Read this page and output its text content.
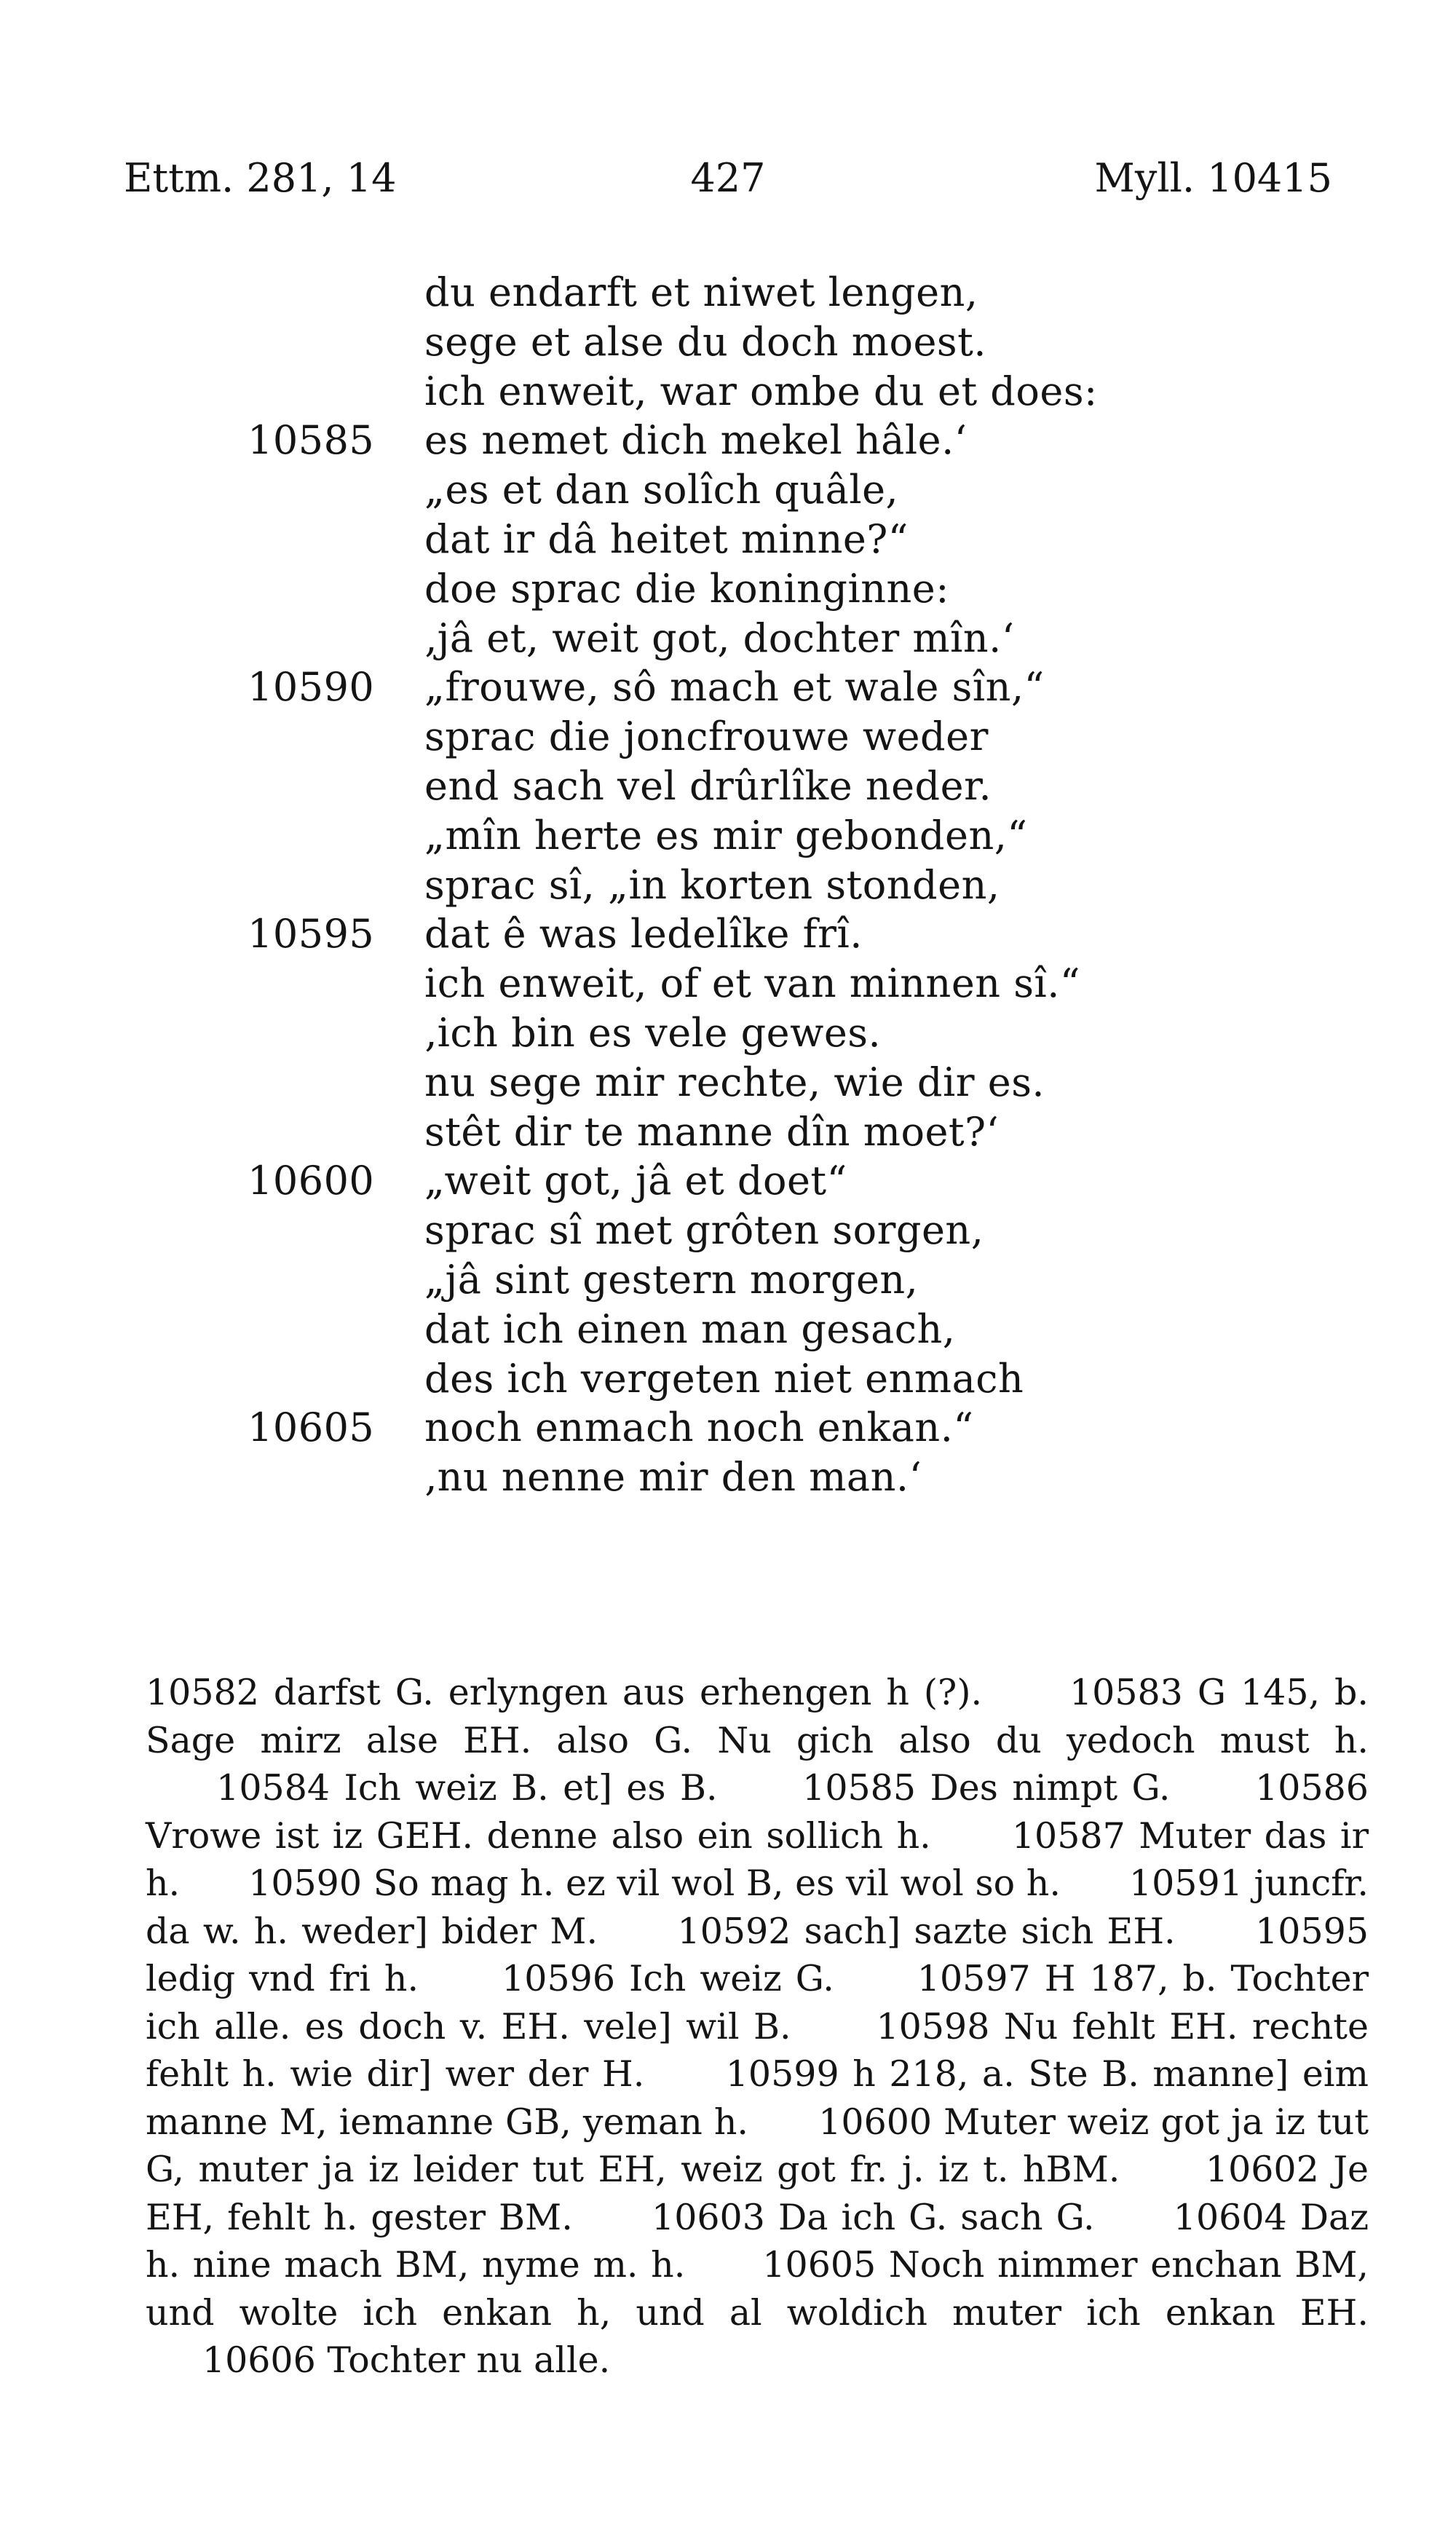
Ettm. 281, 14	427	Myll. 10415
du endarft et niwet lengen,
sege et alse du doch moest.
ich enweit, war ombe du et does:
10585 es nemet dich mekel hâle.‘
„es et dan solîch quâle,
dat ir dâ heitet minne?“
doe sprac die koninginne:
‚jâ et, weit got, dochter mîn.‘
10590 „frouwe, sô mach et wale sîn,“
sprac die joncfrouwe weder
end sach vel drûrlîke neder.
„mîn herte es mir gebonden,“
sprac sî, „in korten stonden,
10595 dat ê was ledelîke frî.
ich enweit, of et van minnen sî.“
‚ich bin es vele gewes.
nu sege mir rechte, wie dir es.
stêt dir te manne dîn moet?‘
10600 „weit got, jâ et doet“
sprac sî met grôten sorgen,
„jâ sint gestern morgen,
dat ich einen man gesach,
des ich vergeten niet enmach
10605 noch enmach noch enkan.“
‚nu nenne mir den man.‘
10582 darfst G. erlyngen aus erhengen h (?). 10583 G 145, b. Sage mirz alse EH. also G. Nu gich also du yedoch must h. 10584 Ich weiz B. et] es B. 10585 Des nimpt G. 10586 Vrowe ist iz GEH. denne also ein sollich h. 10587 Muter das ir h. 10590 So mag h. ez vil wol B, es vil wol so h. 10591 juncfr. da w. h. weder] bider M. 10592 sach] sazte sich EH. 10595 ledig vnd fri h. 10596 Ich weiz G. 10597 H 187, b. Tochter ich alle. es doch v. EH. vele] wil B. 10598 Nu fehlt EH. rechte fehlt h. wie dir] wer der H. 10599 h 218, a. Ste B. manne] eim manne M, iemanne GB, yeman h. 10600 Muter weiz got ja iz tut G, muter ja iz leider tut EH, weiz got fr. j. iz t. hBM. 10602 Je EH, fehlt h. gester BM. 10603 Da ich G. sach G. 10604 Daz h. nine mach BM, nyme m. h. 10605 Noch nimmer enchan BM, und wolte ich enkan h, und al woldich muter ich enkan EH. 10606 Tochter nu alle.
